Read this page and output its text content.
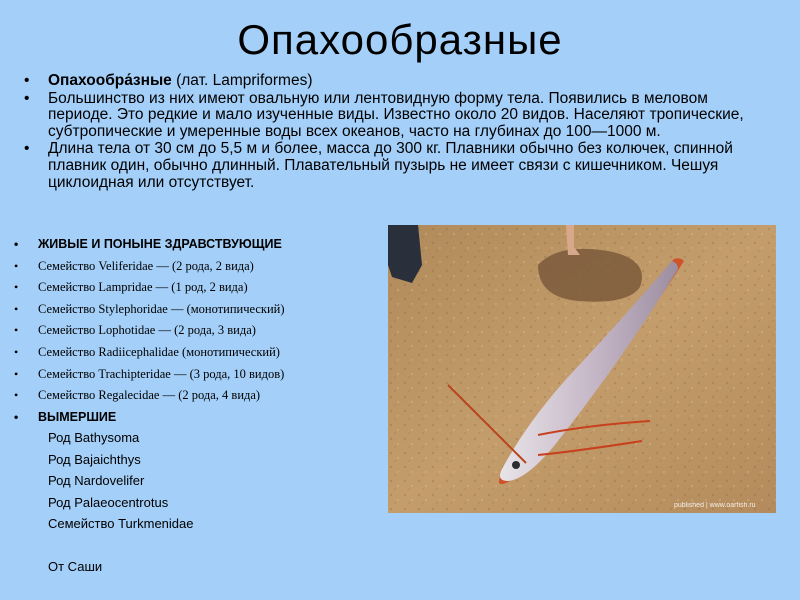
Опахообразные
• Опахообра́зные (лат. Lampriformes)
• Большинство из них имеют овальную или лентовидную форму тела. Появились в меловом периоде. Это редкие и мало изученные виды. Известно около 20 видов. Населяют тропические, субтропические и умеренные воды всех океанов, часто на глубинах до 100—1000 м.
• Длина тела от 30 см до 5,5 м и более, масса до 300 кг. Плавники обычно без колючек, спинной плавник один, обычно длинный. Плавательный пузырь не имеет связи с кишечником. Чешуя циклоидная или отсутствует.
• ЖИВЫЕ И ПОНЫНЕ ЗДРАВСТВУЮЩИЕ
• Семейство Veliferidae — (2 рода, 2 вида)
• Семейство Lampridae — (1 род, 2 вида)
• Семейство Stylephoridae — (монотипический)
• Семейство Lophotidae — (2 рода, 3 вида)
• Семейство Radiicephalidae (монотипический)
• Семейство Trachipteridae — (3 рода, 10 видов)
• Семейство Regalecidae — (2 рода, 4 вида)
• ВЫМЕРШИЕ
Род Bathysoma
Род Bajaichthys
Род Nardovelifer
Род Palaeocentrotus
Семейство Turkmenidae
От Саши
published | www.oarfish.ru
